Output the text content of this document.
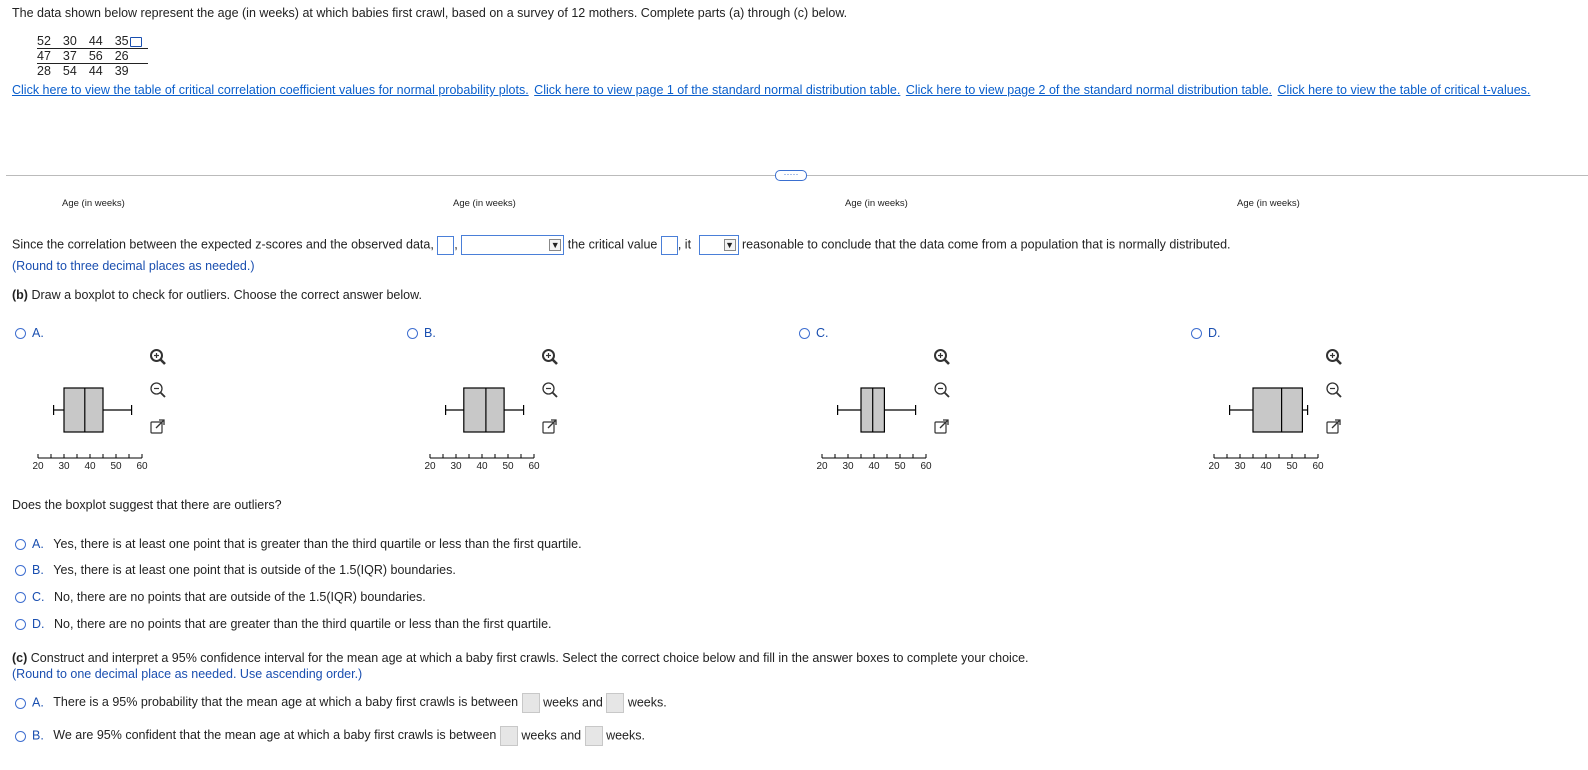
The data shown below represent the age (in weeks) at which babies first crawl, based on a survey of 12 mothers. Complete parts (a) through (c) below.
52	30	44	35
47	37	56	26
28	54	44	39
Click here to view the table of critical correlation coefficient values for normal probability plots. Click here to view page 1 of the standard normal distribution table. Click here to view page 2 of the standard normal distribution table. Click here to view the table of critical t-values.
·····
Age (in weeks)	Age (in weeks)	Age (in weeks)	Age (in weeks)
Since the correlation between the expected z-scores and the observed data, ,	▼ the critical value , it	▼ reasonable to conclude that the data come from a population that is normally distributed.
(Round to three decimal places as needed.)
(b) Draw a boxplot to check for outliers. Choose the correct answer below.
A.	B.	C.	D.
20 30 40 50 60	20 30 40 50 60	20 30 40 50 60	20 30 40 50 60
Does the boxplot suggest that there are outliers?
A. Yes, there is at least one point that is greater than the third quartile or less than the first quartile.
B. Yes, there is at least one point that is outside of the 1.5(IQR) boundaries.
C. No, there are no points that are outside of the 1.5(IQR) boundaries.
D. No, there are no points that are greater than the third quartile or less than the first quartile.
(c) Construct and interpret a 95% confidence interval for the mean age at which a baby first crawls. Select the correct choice below and fill in the answer boxes to complete your choice.
(Round to one decimal place as needed. Use ascending order.)
A. There is a 95% probability that the mean age at which a baby first crawls is between weeks and weeks.
B. We are 95% confident that the mean age at which a baby first crawls is between weeks and weeks.
